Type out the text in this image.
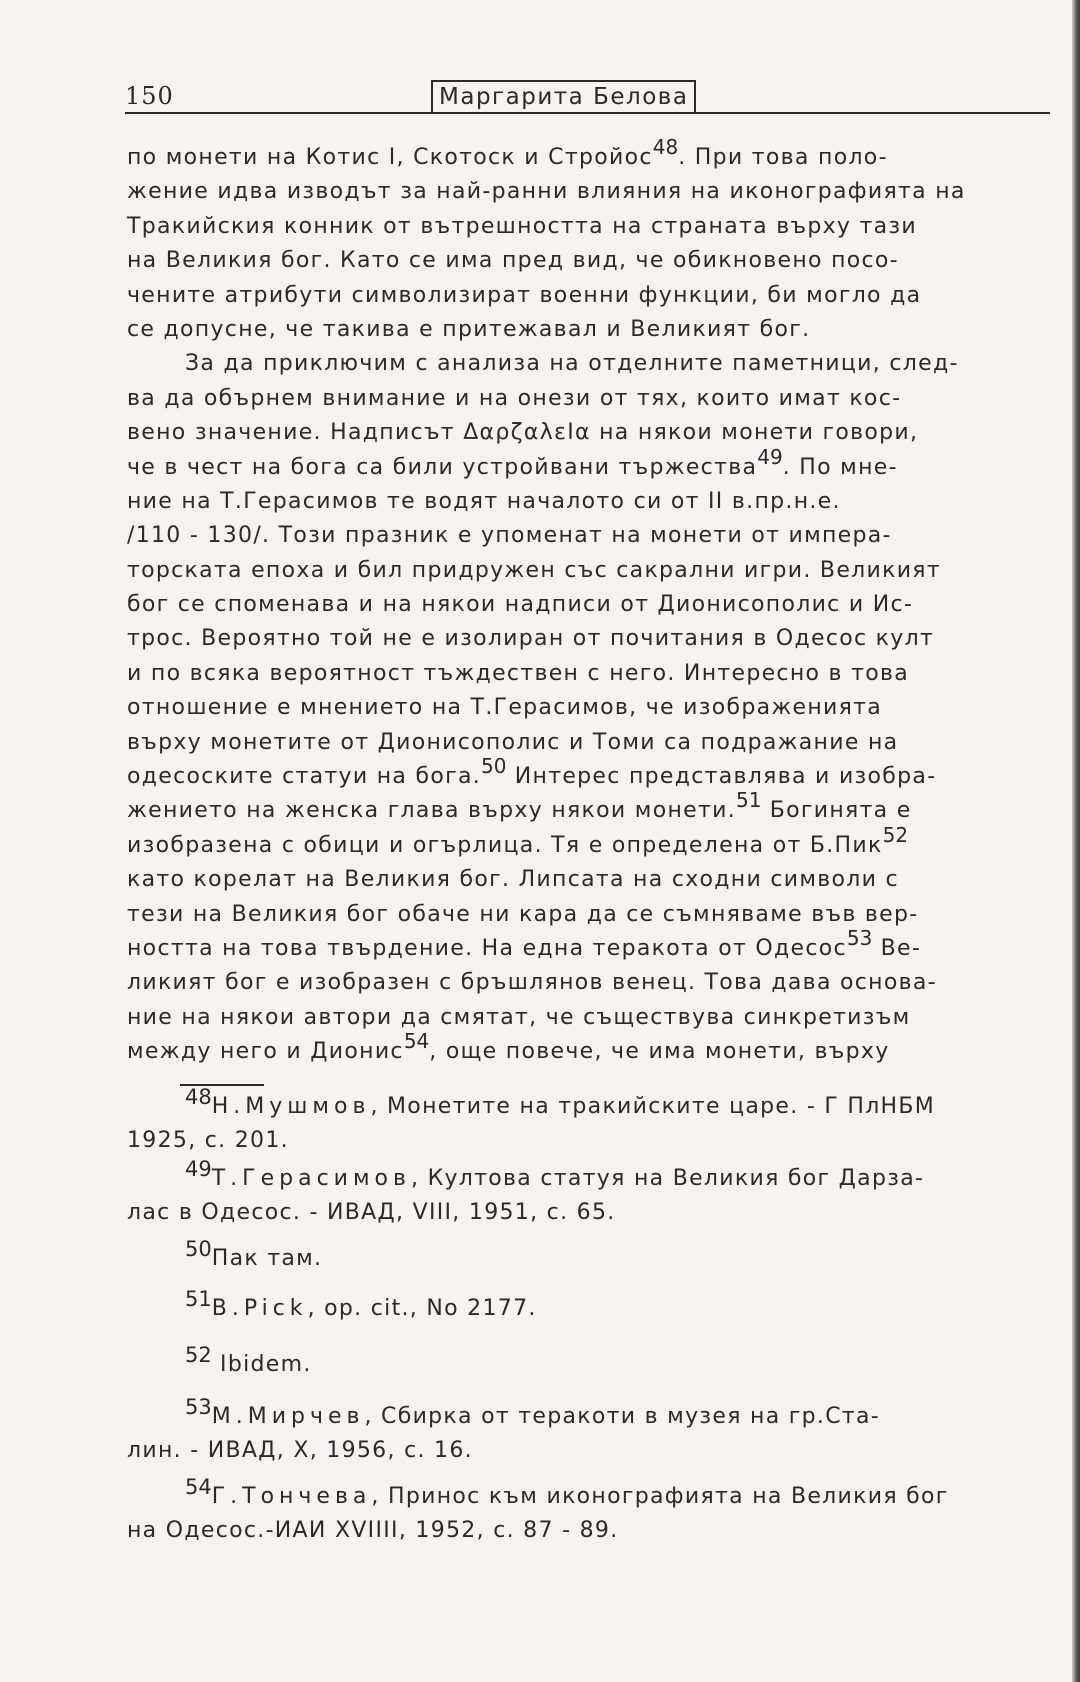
150	Маргарита Белова
по монети на Котис I, Скотоск и Стройос$^{48}$. При това поло-
жение идва изводът за най-ранни влияния на иконографията на
Тракийския конник от вътрешността на страната върху тази
на Великия бог. Като се има пред вид, че обикновено посо-
чените атрибути символизират военни функции, би могло да
се допусне, че такива е притежавал и Великият бог.
За да приключим с анализа на отделните паметници, след-
ва да обърнем внимание и на онези от тях, които имат кос-
вено значение. Надписът ΔαρζαλεΙα на някои монети говори,
че в чест на бога са били устройвани тържества$^{49}$. По мне-
ние на Т.Герасимов те водят началото си от II в.пр.н.е.
/110 - 130/. Този празник е упоменат на монети от импера-
торската епоха и бил придружен със сакрални игри. Великият
бог се споменава и на някои надписи от Дионисополис и Ис-
трос. Вероятно той не е изолиран от почитания в Одесос култ
и по всяка вероятност тъждествен с него. Интересно в това
отношение е мнението на Т.Герасимов, че изображенията
върху монетите от Дионисополис и Томи са подражание на
одесоските статуи на бога.$^{50}$ Интерес представлява и изобра-
жението на женска глава върху някои монети.$^{51}$ Богинята е
изобразена с обици и огърлица. Тя е определена от Б.Пик$^{52}$
като корелат на Великия бог. Липсата на сходни символи с
тези на Великия бог обаче ни кара да се съмняваме във вер-
ността на това твърдение. На една теракота от Одесос$^{53}$ Ве-
ликият бог е изобразен с бръшлянов венец. Това дава основа-
ние на някои автори да смятат, че съществува синкретизъм
между него и Дионис$^{54}$, още повече, че има монети, върху
$^{48}$Н.Мушмов, Монетите на тракийските царе. - Г ПлНБМ
1925, с. 201.
$^{49}$Т.Герасимов, Култова статуя на Великия бог Дарза-
лас в Одесос. - ИВАД, VIII, 1951, с. 65.
$^{50}$Пак там.
$^{51}$B.Pick, op. cit., No 2177.
$^{52}$ Ibidem.
$^{53}$М.Мирчев, Сбирка от теракоти в музея на гр.Ста-
лин. - ИВАД, X, 1956, с. 16.
$^{54}$Г.Тончева, Принос към иконографията на Великия бог
на Одесос.-ИАИ XVIIII, 1952, с. 87 - 89.
